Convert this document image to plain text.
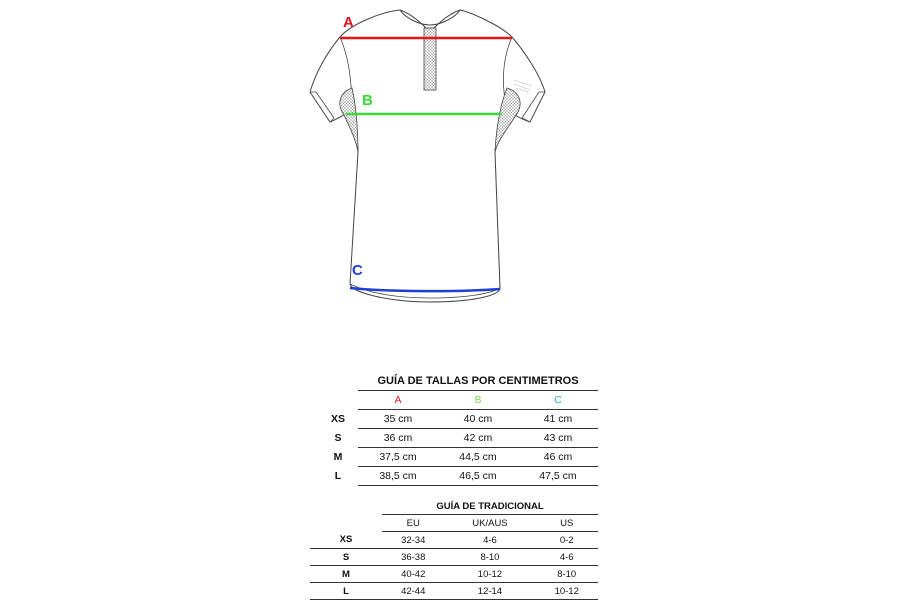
A
B
C
	GUÍA DE TALLAS POR CENTIMETROS		
	A	B	C
XS	35 cm	40 cm	41 cm
S	36 cm	42 cm	43 cm
M	37,5 cm	44,5 cm	46 cm
L	38,5 cm	46,5 cm	47,5 cm
	GUÍA DE TRADICIONAL		
	EU	UK/AUS	US
XS	32-34	4-6	0-2
S	36-38	8-10	4-6
M	40-42	10-12	8-10
L	42-44	12-14	10-12
